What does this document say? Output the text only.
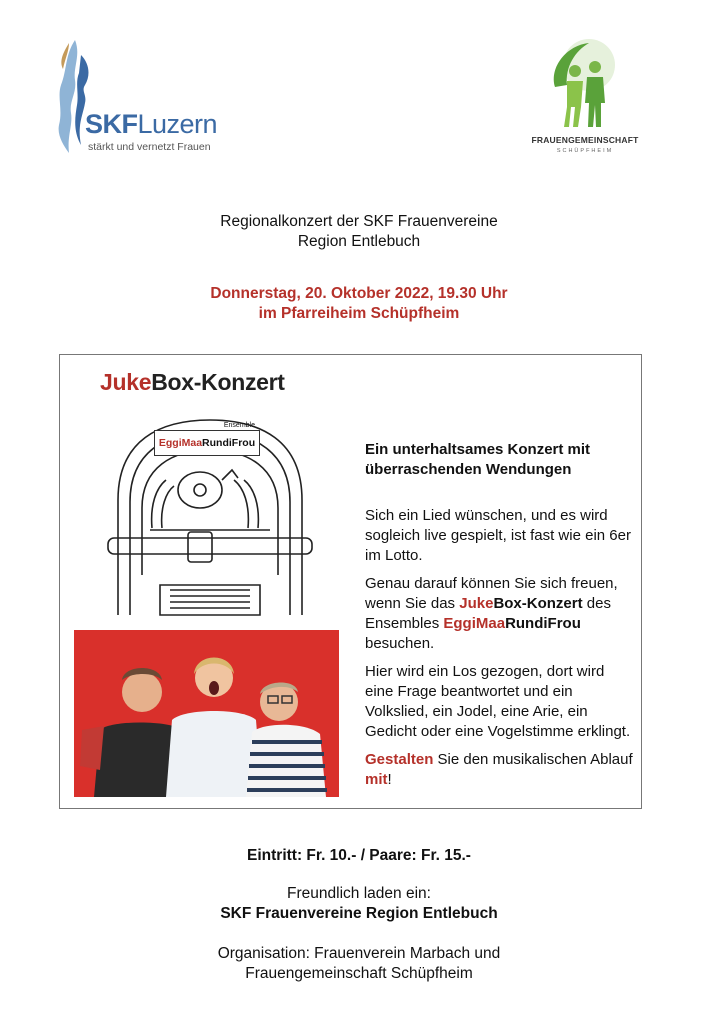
SKFLuzern
stärkt und vernetzt Frauen
FRAUENGEMEINSCHAFT
SCHÜPFHEIM
Regionalkonzert der SKF Frauenvereine
Region Entlebuch
Donnerstag, 20. Oktober 2022, 19.30 Uhr
im Pfarreiheim Schüpfheim
JukeBox-Konzert
Ensemble
EggiMaaRundiFrou	Ein unterhaltsames Konzert mit überraschenden Wendungen

Sich ein Lied wünschen, und es wird sogleich live gespielt, ist fast wie ein 6er im Lotto.

Genau darauf können Sie sich freuen, wenn Sie das JukeBox-Konzert des Ensembles EggiMaaRundiFrou besuchen.

Hier wird ein Los gezogen, dort wird eine Frage beantwortet und ein Volkslied, ein Jodel, eine Arie, ein Gedicht oder eine Vogelstimme erklingt.

Gestalten Sie den musikalischen Ablauf mit!

Eintritt: Fr. 10.- / Paare: Fr. 15.-
Freundlich laden ein:
SKF Frauenvereine Region Entlebuch
Organisation: Frauenverein Marbach und
Frauengemeinschaft Schüpfheim
